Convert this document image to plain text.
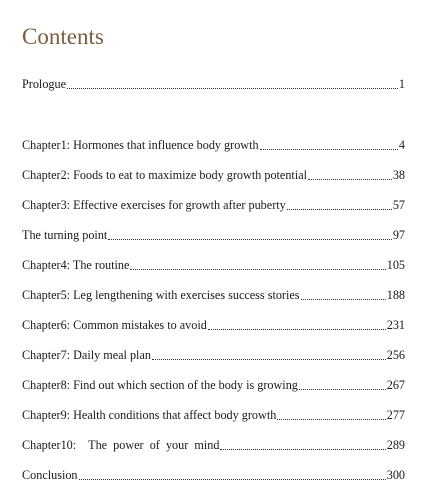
Contents
Prologue	1
Chapter1: Hormones that influence body growth	4
Chapter2: Foods to eat to maximize body growth potential	38
Chapter3: Effective exercises for growth after puberty	57
The turning point	97
Chapter4: The routine	105
Chapter5: Leg lengthening with exercises success stories	188
Chapter6: Common mistakes to avoid	231
Chapter7: Daily meal plan	256
Chapter8: Find out which section of the body is growing	267
Chapter9: Health conditions that affect body growth	277
Chapter10:    The  power  of  your  mind	289
Conclusion	300
